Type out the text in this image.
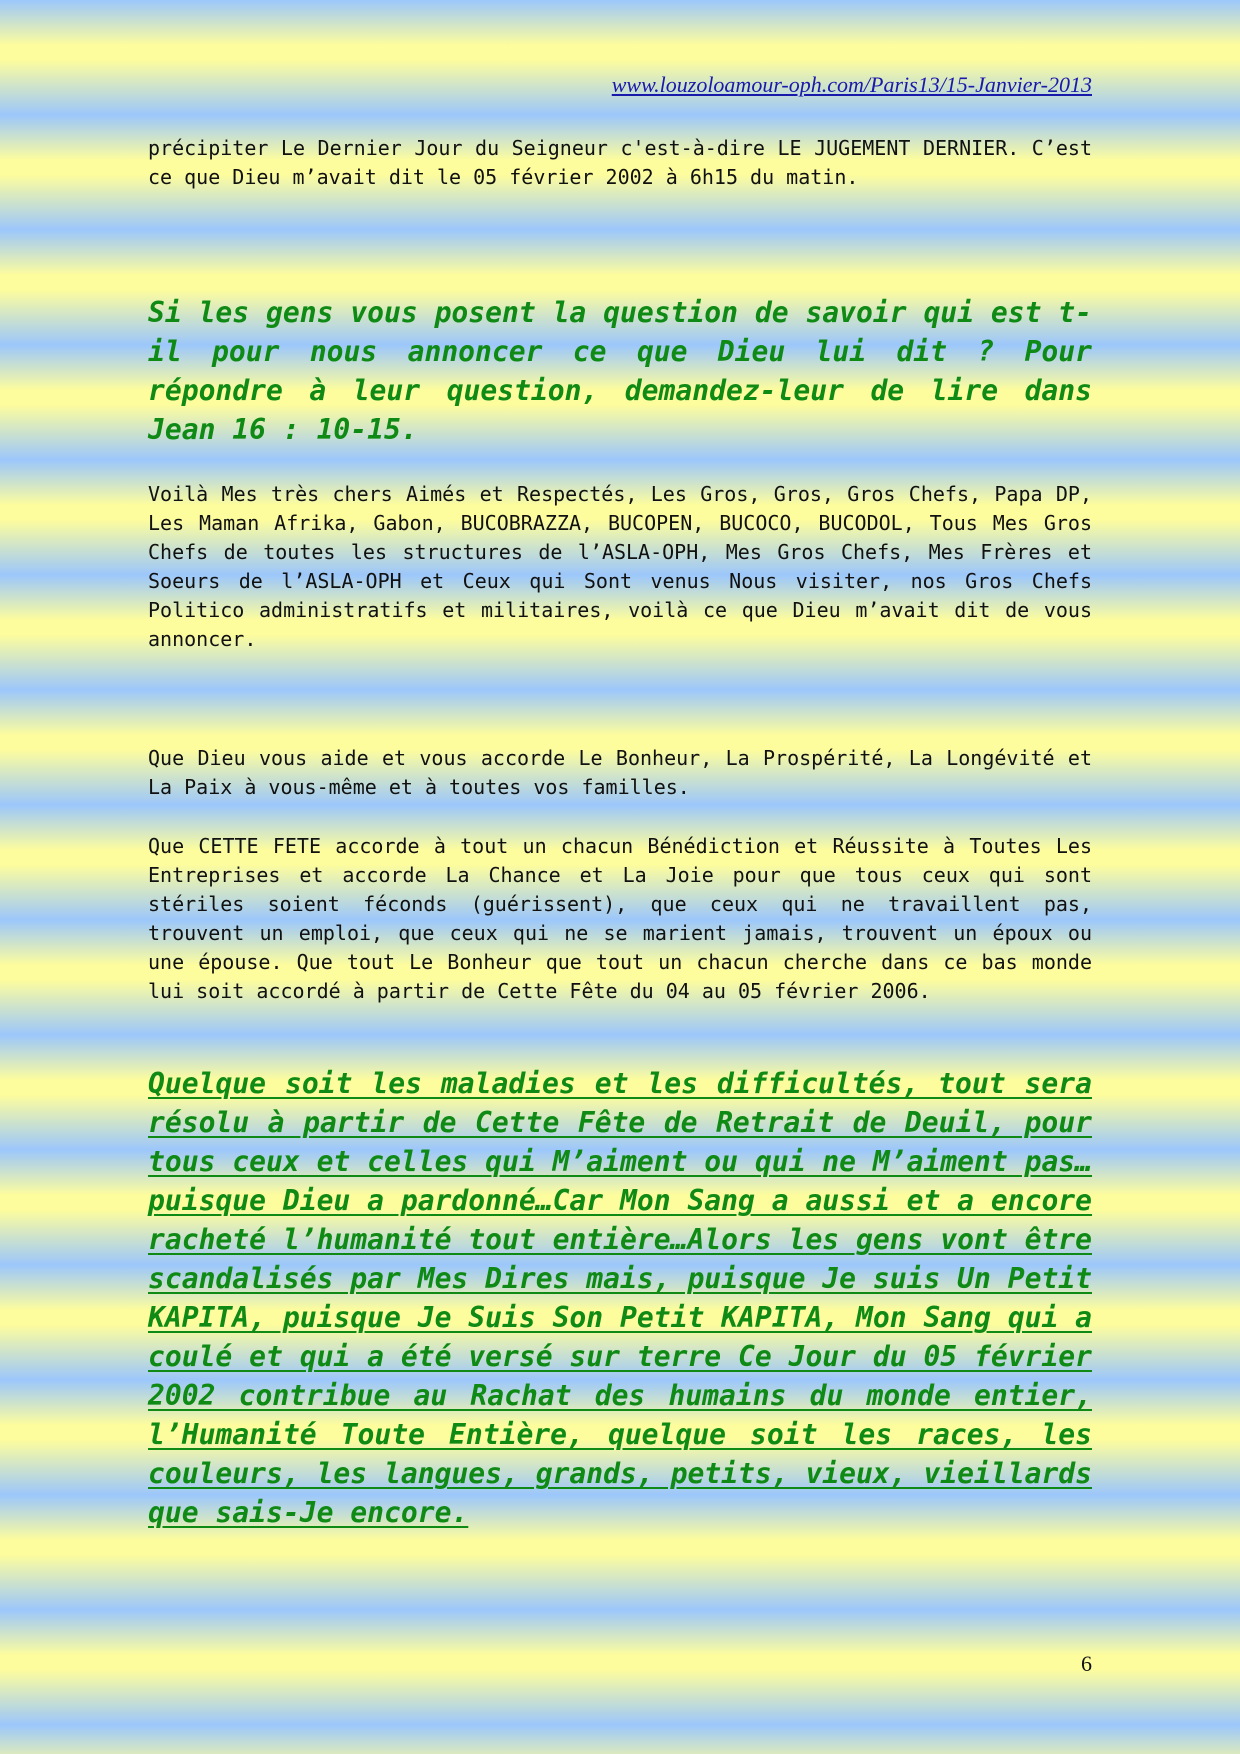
www.louzoloamour-oph.com/Paris13/15-Janvier-2013

précipiter Le Dernier Jour du Seigneur c'est-à-dire LE JUGEMENT DERNIER. C’est ce que Dieu m’avait dit le 05 février 2002 à 6h15 du matin.

Si les gens vous posent la question de savoir qui est t-il pour nous annoncer ce que Dieu lui dit ? Pour répondre à leur question, demandez-leur de lire dans Jean 16 : 10-15.

Voilà Mes très chers Aimés et Respectés, Les Gros, Gros, Gros Chefs, Papa DP, Les Maman Afrika, Gabon, BUCOBRAZZA, BUCOPEN, BUCOCO, BUCODOL, Tous Mes Gros Chefs de toutes les structures de l’ASLA-OPH, Mes Gros Chefs, Mes Frères et Soeurs de l’ASLA-OPH et Ceux qui Sont venus Nous visiter, nos Gros Chefs Politico administratifs et militaires, voilà ce que Dieu m’avait dit de vous annoncer.

Que Dieu vous aide et vous accorde Le Bonheur, La Prospérité, La Longévité et La Paix à vous-même et à toutes vos familles.

Que CETTE FETE accorde à tout un chacun Bénédiction et Réussite à Toutes Les Entreprises et accorde La Chance et La Joie pour que tous ceux qui sont stériles soient féconds (guérissent), que ceux qui ne travaillent pas, trouvent un emploi, que ceux qui ne se marient jamais, trouvent un époux ou une épouse. Que tout Le Bonheur que tout un chacun cherche dans ce bas monde lui soit accordé à partir de Cette Fête du 04 au 05 février 2006.

Quelque soit les maladies et les difficultés, tout sera résolu à partir de Cette Fête de Retrait de Deuil, pour tous ceux et celles qui M’aiment ou qui ne M’aiment pas…puisque Dieu a pardonné…Car Mon Sang a aussi et a encore racheté l’humanité tout entière…Alors les gens vont être scandalisés par Mes Dires mais, puisque Je suis Un Petit KAPITA, puisque Je Suis Son Petit KAPITA, Mon Sang qui a coulé et qui a été versé sur terre Ce Jour du 05 février 2002 contribue au Rachat des humains du monde entier, l’Humanité Toute Entière, quelque soit les races, les couleurs, les langues, grands, petits, vieux, vieillards que sais-Je encore.

6
